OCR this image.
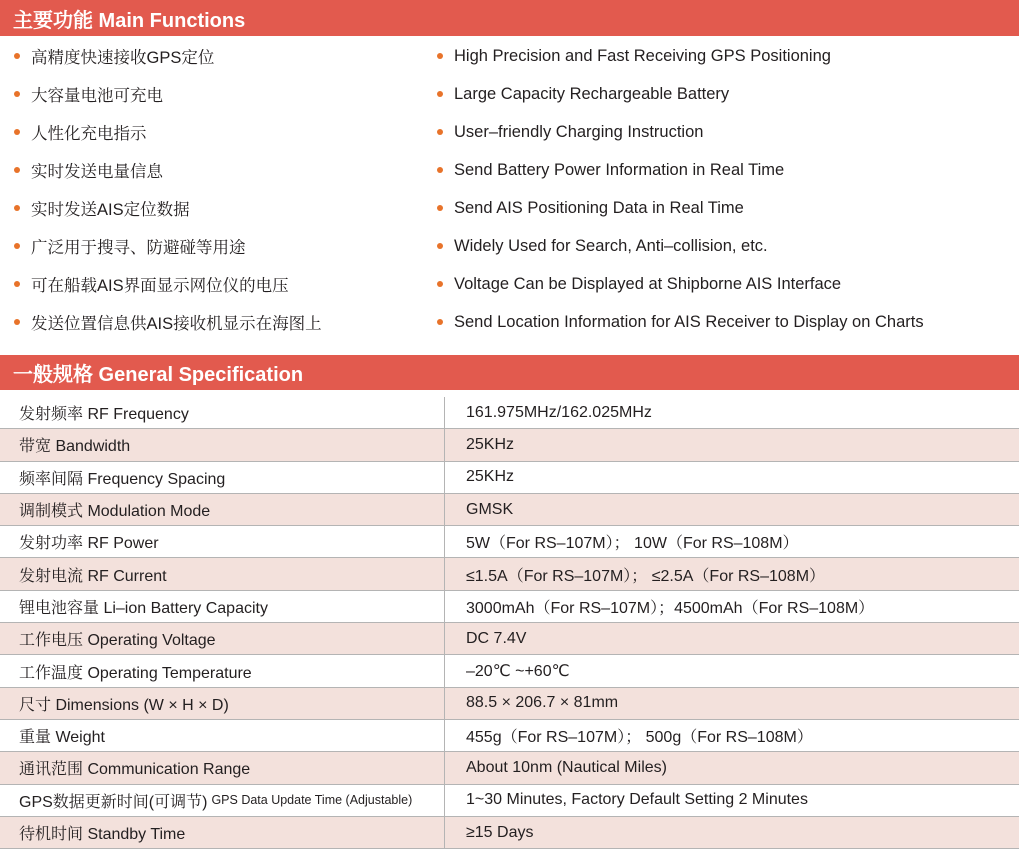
主要功能 Main Functions
高精度快速接收GPS定位
大容量电池可充电
人性化充电指示
实时发送电量信息
实时发送AIS定位数据
广泛用于搜寻、防避碰等用途
可在船载AIS界面显示网位仪的电压
发送位置信息供AIS接收机显示在海图上
High Precision and Fast Receiving GPS Positioning
Large Capacity Rechargeable Battery
User–friendly Charging Instruction
Send Battery Power Information in Real Time
Send AIS Positioning Data in Real Time
Widely Used for Search, Anti–collision, etc.
Voltage Can be Displayed at Shipborne AIS Interface
Send Location Information for AIS Receiver to Display on Charts
一般规格 General Specification
发射频率 RF Frequency	161.975MHz/162.025MHz
带宽 Bandwidth	25KHz
频率间隔 Frequency Spacing	25KHz
调制模式 Modulation Mode	GMSK
发射功率 RF Power	5W（For RS–107M）； 10W（For RS–108M）
发射电流 RF Current	≤1.5A（For RS–107M）； ≤2.5A（For RS–108M）
锂电池容量 Li–ion Battery Capacity	3000mAh（For RS–107M）；4500mAh（For RS–108M）
工作电压 Operating Voltage	DC 7.4V
工作温度 Operating Temperature	–20℃ ~+60℃
尺寸 Dimensions (W × H × D)	88.5 × 206.7 × 81mm
重量 Weight	455g（For RS–107M）； 500g（For RS–108M）
通讯范围 Communication Range	About 10nm (Nautical Miles)
GPS数据更新时间(可调节) GPS Data Update Time (Adjustable)	1~30 Minutes, Factory Default Setting 2 Minutes
待机时间 Standby Time	≥15 Days
